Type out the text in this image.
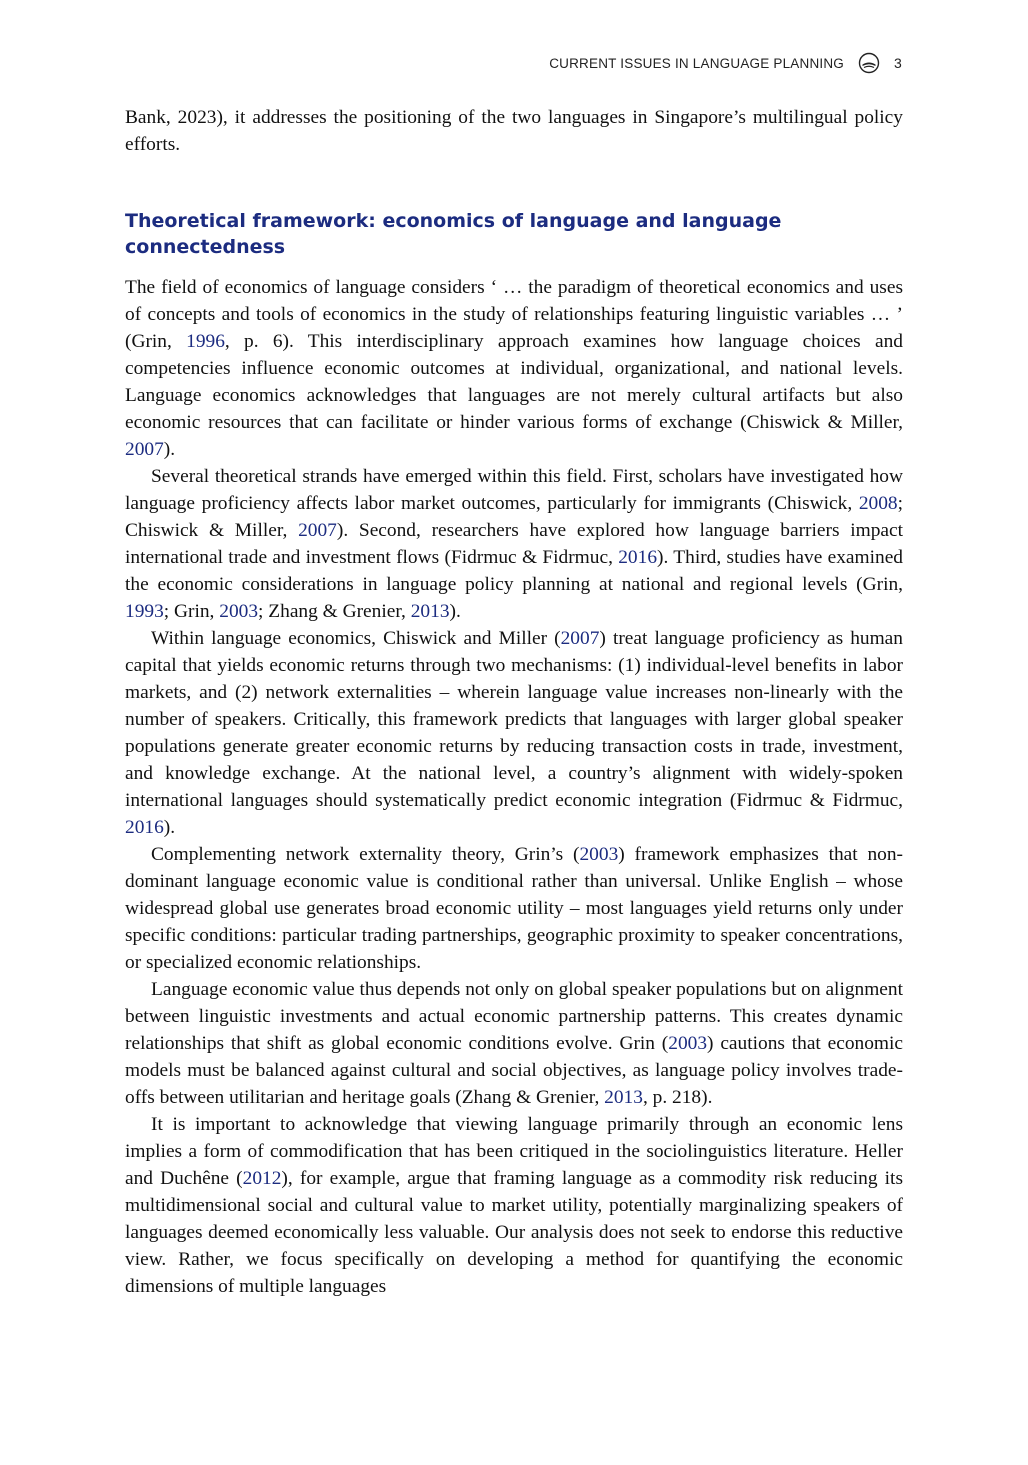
CURRENT ISSUES IN LANGUAGE PLANNING	3

Bank, 2023), it addresses the positioning of the two languages in Singapore’s multilingual policy efforts.

Theoretical framework: economics of language and language connectedness

The field of economics of language considers ‘ … the paradigm of theoretical economics and uses of concepts and tools of economics in the study of relationships featuring linguistic variables … ’ (Grin, 1996, p. 6). This interdisciplinary approach examines how language choices and competencies influence economic outcomes at individual, organizational, and national levels. Language economics acknowledges that languages are not merely cultural artifacts but also economic resources that can facilitate or hinder various forms of exchange (Chiswick & Miller, 2007).

Several theoretical strands have emerged within this field. First, scholars have investigated how language proficiency affects labor market outcomes, particularly for immigrants (Chiswick, 2008; Chiswick & Miller, 2007). Second, researchers have explored how language barriers impact international trade and investment flows (Fidrmuc & Fidrmuc, 2016). Third, studies have examined the economic considerations in language policy planning at national and regional levels (Grin, 1993; Grin, 2003; Zhang & Grenier, 2013).

Within language economics, Chiswick and Miller (2007) treat language proficiency as human capital that yields economic returns through two mechanisms: (1) individual-level benefits in labor markets, and (2) network externalities – wherein language value increases non-linearly with the number of speakers. Critically, this framework predicts that languages with larger global speaker populations generate greater economic returns by reducing transaction costs in trade, investment, and knowledge exchange. At the national level, a country’s alignment with widely-spoken international languages should systematically predict economic integration (Fidrmuc & Fidrmuc, 2016).

Complementing network externality theory, Grin’s (2003) framework emphasizes that non-dominant language economic value is conditional rather than universal. Unlike English – whose widespread global use generates broad economic utility – most languages yield returns only under specific conditions: particular trading partnerships, geographic proximity to speaker concentrations, or specialized economic relationships.

Language economic value thus depends not only on global speaker populations but on alignment between linguistic investments and actual economic partnership patterns. This creates dynamic relationships that shift as global economic conditions evolve. Grin (2003) cautions that economic models must be balanced against cultural and social objectives, as language policy involves trade-offs between utilitarian and heritage goals (Zhang & Grenier, 2013, p. 218).

It is important to acknowledge that viewing language primarily through an economic lens implies a form of commodification that has been critiqued in the sociolinguistics literature. Heller and Duchêne (2012), for example, argue that framing language as a commodity risk reducing its multidimensional social and cultural value to market utility, potentially marginalizing speakers of languages deemed economically less valuable. Our analysis does not seek to endorse this reductive view. Rather, we focus specifically on developing a method for quantifying the economic dimensions of multiple languages
